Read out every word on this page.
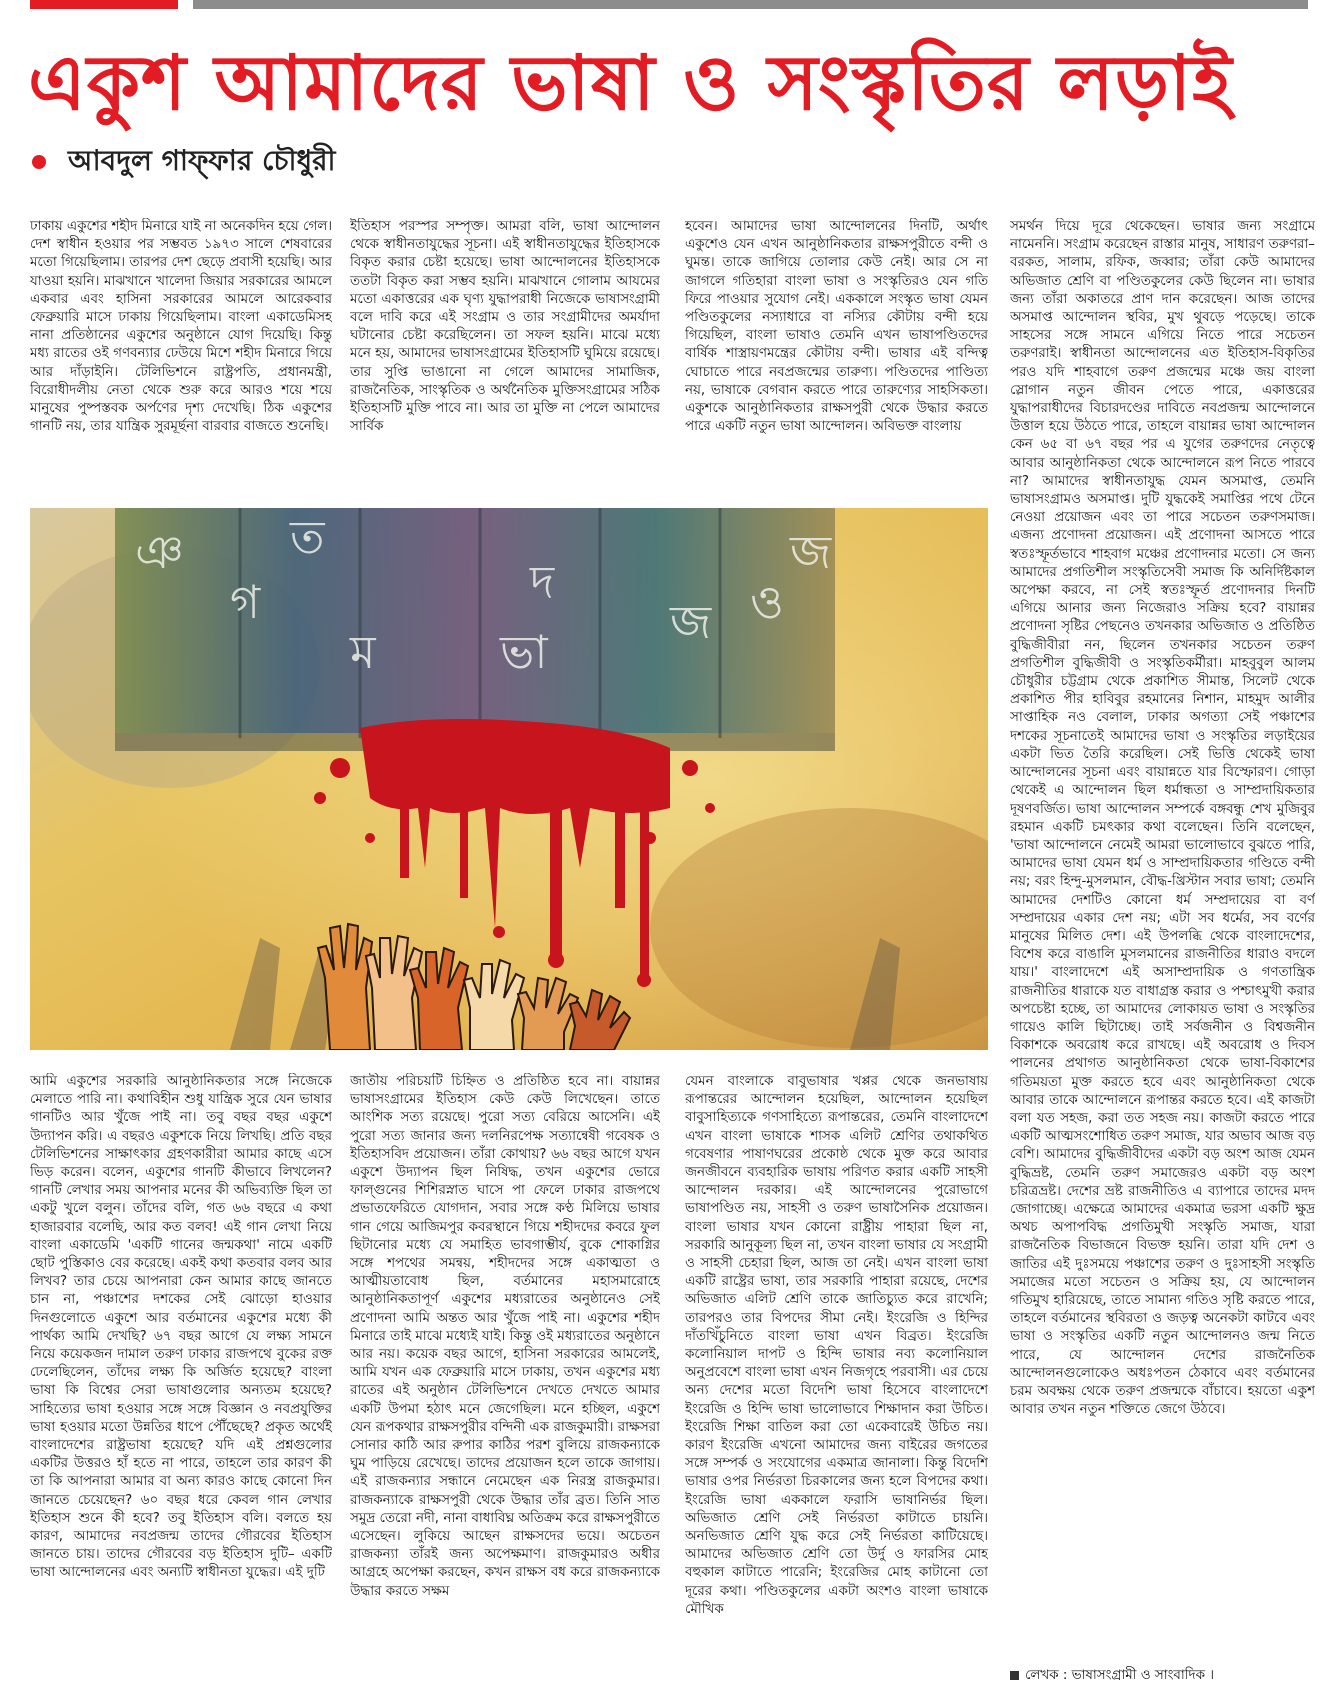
একুশ আমাদের ভাষা ও সংস্কৃতির লড়াই
আবদুল গাফ্‌ফার চৌধুরী

ঢাকায় একুশের শহীদ মিনারে যাই না অনেকদিন হয়ে গেল। দেশ স্বাধীন হওয়ার পর সম্ভবত ১৯৭৩ সালে শেষবারের মতো গিয়েছিলাম। তারপর দেশ ছেড়ে প্রবাসী হয়েছি। আর যাওয়া হয়নি। মাঝখানে খালেদা জিয়ার সরকারের আমলে একবার এবং হাসিনা সরকারের আমলে আরেকবার ফেব্রুয়ারি মাসে ঢাকায় গিয়েছিলাম। বাংলা একাডেমিসহ নানা প্রতিষ্ঠানের একুশের অনুষ্ঠানে যোগ দিয়েছি। কিন্তু মধ্য রাতের ওই গণবন্যার ঢেউয়ে মিশে শহীদ মিনারে গিয়ে আর দাঁড়াইনি। টেলিভিশনে রাষ্ট্রপতি, প্রধানমন্ত্রী, বিরোধীদলীয় নেতা থেকে শুরু করে আরও শয়ে শয়ে মানুষের পুষ্পস্তবক অর্পণের দৃশ্য দেখেছি। ঠিক একুশের গানটি নয়, তার যান্ত্রিক সুরমূর্ছনা বারবার বাজতে শুনেছি।

ইতিহাস পরস্পর সম্পৃক্ত। আমরা বলি, ভাষা আন্দোলন থেকে স্বাধীনতাযুদ্ধের সূচনা। এই স্বাধীনতাযুদ্ধের ইতিহাসকে বিকৃত করার চেষ্টা হয়েছে। ভাষা আন্দোলনের ইতিহাসকে ততটা বিকৃত করা সম্ভব হয়নি। মাঝখানে গোলাম আযমের মতো একাত্তরের এক ঘৃণ্য যুদ্ধাপরাধী নিজেকে ভাষাসংগ্রামী বলে দাবি করে এই সংগ্রাম ও তার সংগ্রামীদের অমর্যাদা ঘটানোর চেষ্টা করেছিলেন। তা সফল হয়নি। মাঝে মধ্যে মনে হয়, আমাদের ভাষাসংগ্রামের ইতিহাসটি ঘুমিয়ে রয়েছে। তার সুপ্তি ভাঙানো না গেলে আমাদের সামাজিক, রাজনৈতিক, সাংস্কৃতিক ও অর্থনৈতিক মুক্তিসংগ্রামের সঠিক ইতিহাসটি মুক্তি পাবে না। আর তা মুক্তি না পেলে আমাদের সার্বিক

হবেন। আমাদের ভাষা আন্দোলনের দিনটি, অর্থাৎ একুশেও যেন এখন আনুষ্ঠানিকতার রাক্ষসপুরীতে বন্দী ও ঘুমন্ত। তাকে জাগিয়ে তোলার কেউ নেই। আর সে না জাগলে গতিহারা বাংলা ভাষা ও সংস্কৃতিরও যেন গতি ফিরে পাওয়ার সুযোগ নেই। এককালে সংস্কৃত ভাষা যেমন পণ্ডিতকুলের নস্যাধারে বা নস্যির কৌটায় বন্দী হয়ে গিয়েছিল, বাংলা ভাষাও তেমনি এখন ভাষাপণ্ডিতদের বার্ষিক শাস্ত্রায়ণমন্ত্রের কৌটায় বন্দী। ভাষার এই বন্দিত্ব ঘোচাতে পারে নবপ্রজন্মের তারুণ্য। পণ্ডিতদের পাণ্ডিত্য নয়, ভাষাকে বেগবান করতে পারে তারুণ্যের সাহসিকতা। একুশকে আনুষ্ঠানিকতার রাক্ষসপুরী থেকে উদ্ধার করতে পারে একটি নতুন ভাষা আন্দোলন। অবিভক্ত বাংলায়

সমর্থন দিয়ে দূরে থেকেছেন। ভাষার জন্য সংগ্রামে নামেননি। সংগ্রাম করেছেন রাস্তার মানুষ, সাধারণ তরুণরা– বরকত, সালাম, রফিক, জব্বার; তাঁরা কেউ আমাদের অভিজাত শ্রেণি বা পণ্ডিতকুলের কেউ ছিলেন না। ভাষার জন্য তাঁরা অকাতরে প্রাণ দান করেছেন। আজ তাদের অসমাপ্ত আন্দোলন স্থবির, মুখ থুবড়ে পড়েছে। তাকে সাহসের সঙ্গে সামনে এগিয়ে নিতে পারে সচেতন তরুণরাই। স্বাধীনতা আন্দোলনের এত ইতিহাস-বিকৃতির পরও যদি শাহবাগে তরুণ প্রজন্মের মঞ্চে জয় বাংলা স্লোগান নতুন জীবন পেতে পারে, একাত্তরের যুদ্ধাপরাধীদের বিচারদণ্ডের দাবিতে নবপ্রজন্ম আন্দোলনে উত্তাল হয়ে উঠতে পারে, তাহলে বায়ান্নর ভাষা আন্দোলন কেন ৬৫ বা ৬৭ বছর পর এ যুগের তরুণদের নেতৃত্বে আবার আনুষ্ঠানিকতা থেকে আন্দোলনে রূপ নিতে পারবে না? আমাদের স্বাধীনতাযুদ্ধ যেমন অসমাপ্ত, তেমনি ভাষাসংগ্রামও অসমাপ্ত। দুটি যুদ্ধকেই সমাপ্তির পথে টেনে নেওয়া প্রয়োজন এবং তা পারে সচেতন তরুণসমাজ। এজন্য প্রণোদনা প্রয়োজন। এই প্রণোদনা আসতে পারে স্বতঃস্ফূর্তভাবে শাহবাগ মঞ্চের প্রণোদনার মতো। সে জন্য আমাদের প্রগতিশীল সংস্কৃতিসেবী সমাজ কি অনির্দিষ্টকাল অপেক্ষা করবে, না সেই স্বতঃস্ফূর্ত প্রণোদনার দিনটি এগিয়ে আনার জন্য নিজেরাও সক্রিয় হবে? বায়ান্নর প্রণোদনা সৃষ্টির পেছনেও তখনকার অভিজাত ও প্রতিষ্ঠিত বুদ্ধিজীবীরা নন, ছিলেন তখনকার সচেতন তরুণ প্রগতিশীল বুদ্ধিজীবী ও সংস্কৃতিকর্মীরা। মাহবুবুল আলম চৌধুরীর চট্টগ্রাম থেকে প্রকাশিত সীমান্ত, সিলেট থেকে প্রকাশিত পীর হাবিবুর রহমানের নিশান, মাহমুদ আলীর সাপ্তাহিক নও বেলাল, ঢাকার অগত্যা সেই পঞ্চাশের দশকের সূচনাতেই আমাদের ভাষা ও সংস্কৃতির লড়াইয়ের একটা ভিত তৈরি করেছিল। সেই ভিত্তি থেকেই ভাষা আন্দোলনের সূচনা এবং বায়ান্নতে যার বিস্ফোরণ। গোড়া থেকেই এ আন্দোলন ছিল ধর্মান্ধতা ও সাম্প্রদায়িকতার দূষণবর্জিত। ভাষা আন্দোলন সম্পর্কে বঙ্গবন্ধু শেখ মুজিবুর রহমান একটি চমৎকার কথা বলেছেন। তিনি বলেছেন, 'ভাষা আন্দোলনে নেমেই আমরা ভালোভাবে বুঝতে পারি, আমাদের ভাষা যেমন ধর্ম ও সাম্প্রদায়িকতার গণ্ডিতে বন্দী নয়; বরং হিন্দু-মুসলমান, বৌদ্ধ-খ্রিস্টান সবার ভাষা; তেমনি আমাদের দেশটিও কোনো ধর্ম সম্প্রদায়ের বা বর্ণ সম্প্রদায়ের একার দেশ নয়; এটা সব ধর্মের, সব বর্ণের মানুষের মিলিত দেশ। এই উপলব্ধি থেকে বাংলাদেশের, বিশেষ করে বাঙালি মুসলমানের রাজনীতির ধারাও বদলে যায়।' বাংলাদেশে এই অসাম্প্রদায়িক ও গণতান্ত্রিক রাজনীতির ধারাকে যত বাধাগ্রস্ত করার ও পশ্চাৎমুখী করার অপচেষ্টা হচ্ছে, তা আমাদের লোকায়ত ভাষা ও সংস্কৃতির গায়েও কালি ছিটাচ্ছে। তাই সর্বজনীন ও বিশ্বজনীন বিকাশকে অবরোধ করে রাখছে। এই অবরোধ ও দিবস পালনের প্রথাগত আনুষ্ঠানিকতা থেকে ভাষা-বিকাশের গতিময়তা মুক্ত করতে হবে এবং আনুষ্ঠানিকতা থেকে আবার তাকে আন্দোলনে রূপান্তর করতে হবে। এই কাজটা বলা যত সহজ, করা তত সহজ নয়। কাজটা করতে পারে একটি আত্মসংশোধিত তরুণ সমাজ, যার অভাব আজ বড় বেশি। আমাদের বুদ্ধিজীবীদের একটা বড় অংশ আজ যেমন বুদ্ধিভ্রষ্ট, তেমনি তরুণ সমাজেরও একটা বড় অংশ চরিত্রভ্রষ্ট। দেশের ভ্রষ্ট রাজনীতিও এ ব্যাপারে তাদের মদদ জোগাচ্ছে। এক্ষেত্রে আমাদের একমাত্র ভরসা একটি ক্ষুদ্র অথচ অপাপবিদ্ধ প্রগতিমুখী সংস্কৃতি সমাজ, যারা রাজনৈতিক বিভাজনে বিভক্ত হয়নি। তারা যদি দেশ ও জাতির এই দুঃসময়ে পঞ্চাশের তরুণ ও দুঃসাহসী সংস্কৃতি সমাজের মতো সচেতন ও সক্রিয় হয়, যে আন্দোলন গতিমুখ হারিয়েছে, তাতে সামান্য গতিও সৃষ্টি করতে পারে, তাহলে বর্তমানের স্থবিরতা ও জড়ত্ব অনেকটা কাটবে এবং ভাষা ও সংস্কৃতির একটি নতুন আন্দোলনও জন্ম নিতে পারে, যে আন্দোলন দেশের রাজনৈতিক আন্দোলনগুলোকেও অধঃপতন ঠেকাবে এবং বর্তমানের চরম অবক্ষয় থেকে তরুণ প্রজন্মকে বাঁচাবে। হয়তো একুশ আবার তখন নতুন শক্তিতে জেগে উঠবে।

লেখক : ভাষাসংগ্রামী ও সাংবাদিক ।
ঞ ত
গ	দ
ম	ভা
জ ও
জ

আমি একুশের সরকারি আনুষ্ঠানিকতার সঙ্গে নিজেকে মেলাতে পারি না। কথাবিহীন শুধু যান্ত্রিক সুরে যেন ভাষার গানটিও আর খুঁজে পাই না। তবু বছর বছর একুশে উদ্যাপন করি। এ বছরও একুশকে নিয়ে লিখছি। প্রতি বছর টেলিভিশনের সাক্ষাৎকার গ্রহণকারীরা আমার কাছে এসে ভিড় করেন। বলেন, একুশের গানটি কীভাবে লিখলেন? গানটি লেখার সময় আপনার মনের কী অভিব্যক্তি ছিল তা একটু খুলে বলুন। তাঁদের বলি, গত ৬৬ বছরে এ কথা হাজারবার বলেছি, আর কত বলব! এই গান লেখা নিয়ে বাংলা একাডেমি 'একটি গানের জন্মকথা' নামে একটি ছোট পুস্তিকাও বের করেছে। একই কথা কতবার বলব আর লিখব? তার চেয়ে আপনারা কেন আমার কাছে জানতে চান না, পঞ্চাশের দশকের সেই ঝোড়ো হাওয়ার দিনগুলোতে একুশে আর বর্তমানের একুশের মধ্যে কী পার্থক্য আমি দেখছি? ৬৭ বছর আগে যে লক্ষ্য সামনে নিয়ে কয়েকজন দামাল তরুণ ঢাকার রাজপথে বুকের রক্ত ঢেলেছিলেন, তাঁদের লক্ষ্য কি অর্জিত হয়েছে? বাংলা ভাষা কি বিশ্বের সেরা ভাষাগুলোর অন্যতম হয়েছে? সাহিত্যের ভাষা হওয়ার সঙ্গে সঙ্গে বিজ্ঞান ও নবপ্রযুক্তির ভাষা হওয়ার মতো উন্নতির ধাপে পৌঁছেছে? প্রকৃত অর্থেই বাংলাদেশের রাষ্ট্রভাষা হয়েছে? যদি এই প্রশ্নগুলোর একটির উত্তরও হাঁ হতে না পারে, তাহলে তার কারণ কী তা কি আপনারা আমার বা অন্য কারও কাছে কোনো দিন জানতে চেয়েছেন? ৬০ বছর ধরে কেবল গান লেখার ইতিহাস শুনে কী হবে? তবু ইতিহাস বলি। বলতে হয় কারণ, আমাদের নবপ্রজন্ম তাদের গৌরবের ইতিহাস জানতে চায়। তাদের গৌরবের বড় ইতিহাস দুটি– একটি ভাষা আন্দোলনের এবং অন্যটি স্বাধীনতা যুদ্ধের। এই দুটি

জাতীয় পরিচয়টি চিহ্নিত ও প্রতিষ্ঠিত হবে না। বায়ান্নর ভাষাসংগ্রামের ইতিহাস কেউ কেউ লিখেছেন। তাতে আংশিক সত্য রয়েছে। পুরো সত্য বেরিয়ে আসেনি। এই পুরো সত্য জানার জন্য দলনিরপেক্ষ সত্যান্বেষী গবেষক ও ইতিহাসবিদ প্রয়োজন। তাঁরা কোথায়? ৬৬ বছর আগে যখন একুশে উদ্যাপন ছিল নিষিদ্ধ, তখন একুশের ভোরে ফাল্গুনের শিশিরস্নাত ঘাসে পা ফেলে ঢাকার রাজপথে প্রভাতফেরিতে যোগদান, সবার সঙ্গে কণ্ঠ মিলিয়ে ভাষার গান গেয়ে আজিমপুর কবরস্থানে গিয়ে শহীদদের কবরে ফুল ছিটানোর মধ্যে যে সমাহিত ভাবগাম্ভীর্য, বুকে শোকাগ্নির সঙ্গে শপথের সমন্বয়, শহীদদের সঙ্গে একাত্মতা ও আত্মীয়তাবোধ ছিল, বর্তমানের মহাসমারোহে আনুষ্ঠানিকতাপূর্ণ একুশের মধ্যরাতের অনুষ্ঠানেও সেই প্রণোদনা আমি অন্তত আর খুঁজে পাই না। একুশের শহীদ মিনারে তাই মাঝে মধ্যেই যাই। কিন্তু ওই মধ্যরাতের অনুষ্ঠানে আর নয়। কয়েক বছর আগে, হাসিনা সরকারের আমলেই, আমি যখন এক ফেব্রুয়ারি মাসে ঢাকায়, তখন একুশের মধ্য রাতের এই অনুষ্ঠান টেলিভিশনে দেখতে দেখতে আমার একটি উপমা হঠাৎ মনে জেগেছিল। মনে হচ্ছিল, একুশে যেন রূপকথার রাক্ষসপুরীর বন্দিনী এক রাজকুমারী। রাক্ষসরা সোনার কাঠি আর রুপার কাঠির পরশ বুলিয়ে রাজকন্যাকে ঘুম পাড়িয়ে রেখেছে। তাদের প্রয়োজন হলে তাকে জাগায়। এই রাজকন্যার সন্ধানে নেমেছেন এক নিরস্ত্র রাজকুমার। রাজকন্যাকে রাক্ষসপুরী থেকে উদ্ধার তাঁর ব্রত। তিনি সাত সমুদ্র তেরো নদী, নানা বাধাবিঘ্ন অতিক্রম করে রাক্ষসপুরীতে এসেছেন। লুকিয়ে আছেন রাক্ষসদের ভয়ে। অচেতন রাজকন্যা তাঁরই জন্য অপেক্ষমাণ। রাজকুমারও অধীর আগ্রহে অপেক্ষা করছেন, কখন রাক্ষস বধ করে রাজকন্যাকে উদ্ধার করতে সক্ষম

যেমন বাংলাকে বাবুভাষার খপ্পর থেকে জনভাষায় রূপান্তরের আন্দোলন হয়েছিল, আন্দোলন হয়েছিল বাবুসাহিত্যকে গণসাহিত্যে রূপান্তরের, তেমনি বাংলাদেশে এখন বাংলা ভাষাকে শাসক এলিট শ্রেণির তথাকথিত গবেষণার পাষাণঘরের প্রকোষ্ঠ থেকে মুক্ত করে আবার জনজীবনে ব্যবহারিক ভাষায় পরিণত করার একটি সাহসী আন্দোলন দরকার। এই আন্দোলনের পুরোভাগে ভাষাপণ্ডিত নয়, সাহসী ও তরুণ ভাষাসৈনিক প্রয়োজন। বাংলা ভাষার যখন কোনো রাষ্ট্রীয় পাহারা ছিল না, সরকারি আনুকূল্য ছিল না, তখন বাংলা ভাষার যে সংগ্রামী ও সাহসী চেহারা ছিল, আজ তা নেই। এখন বাংলা ভাষা একটি রাষ্ট্রের ভাষা, তার সরকারি পাহারা রয়েছে, দেশের অভিজাত এলিট শ্রেণি তাকে জাতিচ্যুত করে রাখেনি; তারপরও তার বিপদের সীমা নেই। ইংরেজি ও হিন্দির দাঁতখিঁচুনিতে বাংলা ভাষা এখন বিব্রত। ইংরেজি কলোনিয়াল দাপট ও হিন্দি ভাষার নব্য কলোনিয়াল অনুপ্রবেশে বাংলা ভাষা এখন নিজগৃহে পরবাসী। এর চেয়ে অন্য দেশের মতো বিদেশি ভাষা হিসেবে বাংলাদেশে ইংরেজি ও হিন্দি ভাষা ভালোভাবে শিক্ষাদান করা উচিত। ইংরেজি শিক্ষা বাতিল করা তো একেবারেই উচিত নয়। কারণ ইংরেজি এখনো আমাদের জন্য বাইরের জগতের সঙ্গে সম্পর্ক ও সংযোগের একমাত্র জানালা। কিন্তু বিদেশি ভাষার ওপর নির্ভরতা চিরকালের জন্য হলে বিপদের কথা। ইংরেজি ভাষা এককালে ফরাসি ভাষানির্ভর ছিল। অভিজাত শ্রেণি সেই নির্ভরতা কাটাতে চায়নি। অনভিজাত শ্রেণি যুদ্ধ করে সেই নির্ভরতা কাটিয়েছে। আমাদের অভিজাত শ্রেণি তো উর্দু ও ফারসির মোহ বহুকাল কাটাতে পারেনি; ইংরেজির মোহ কাটানো তো দূরের কথা। পণ্ডিতকুলের একটা অংশও বাংলা ভাষাকে মৌখিক
